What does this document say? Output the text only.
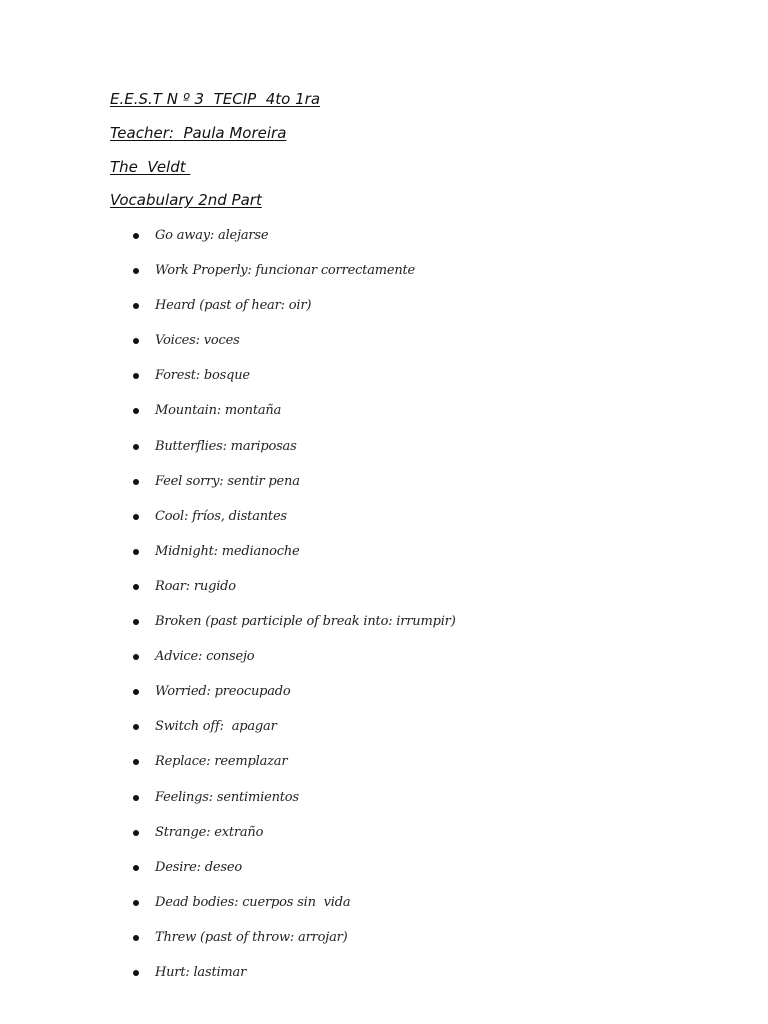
E.E.S.T N º 3  TECIP  4to 1ra

Teacher:  Paula Moreira

The  Veldt

Vocabulary 2nd Part

Go away: alejarse
Work Properly: funcionar correctamente
Heard (past of hear: oir)
Voices: voces
Forest: bosque
Mountain: montaña
Butterflies: mariposas
Feel sorry: sentir pena
Cool: fríos, distantes
Midnight: medianoche
Roar: rugido
Broken (past participle of break into: irrumpir)
Advice: consejo
Worried: preocupado
Switch off:  apagar
Replace: reemplazar
Feelings: sentimientos
Strange: extraño
Desire: deseo
Dead bodies: cuerpos sin  vida
Threw (past of throw: arrojar)
Hurt: lastimar
